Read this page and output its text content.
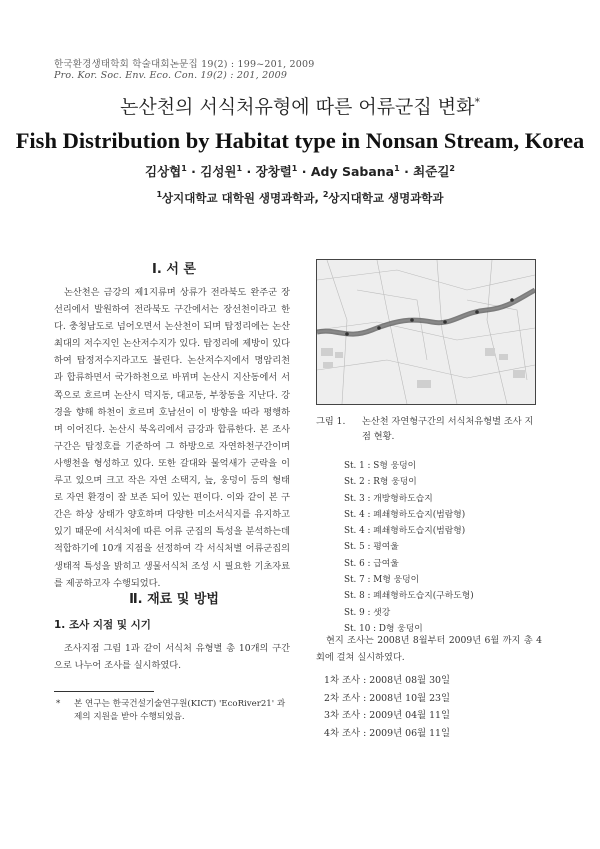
한국환경생태학회 학술대회논문집 19(2) : 199~201, 2009
Pro. Kor. Soc. Env. Eco. Con. 19(2) : 201, 2009
논산천의 서식처유형에 따른 어류군집 변화*
Fish Distribution by Habitat type in Nonsan Stream, Korea
김상협$^1$ · 김성원$^1$ · 장창렬$^1$ · Ady Sabana$^1$ · 최준길$^2$
$^1$상지대학교 대학원 생명과학과, $^2$상지대학교 생명과학과
Ⅰ. 서 론

논산천은 금강의 제1지류며 상류가 전라북도 완주군 장선리에서 발원하여 전라북도 구간에서는 장선천이라고 한다. 충청남도로 넘어오면서 논산천이 되며 탑정리에는 논산 최대의 저수지인 논산저수지가 있다. 탑정리에 제방이 있다하여 탑정저수지라고도 불린다. 논산저수지에서 명암리천과 합류하면서 국가하천으로 바뀌며 논산시 지산동에서 서쪽으로 흐르며 논산시 덕지동, 대교동, 부창동을 지난다. 강경을 향해 하천이 흐르며 호남선이 이 방향을 따라 평행하며 이어진다. 논산시 북옥리에서 금강과 합류한다. 본 조사구간은 탑정호를 기준하여 그 하방으로 자연하천구간이며 사행천을 형성하고 있다. 또한 갈대와 물억새가 군락을 이루고 있으며 크고 작은 자연 소택지, 늪, 웅덩이 등의 형태로 자연 환경이 잘 보존 되어 있는 편이다. 이와 같이 본 구간은 하상 상태가 양호하며 다양한 미소서식지를 유지하고 있기 때문에 서식처에 따른 어류 군집의 특성을 분석하는데 적합하기에 10개 지점을 선정하여 각 서식처별 어류군집의 생태적 특성을 밝히고 생물서식처 조성 시 필요한 기초자료를 제공하고자 수행되었다.

Ⅱ. 재료 및 방법
1. 조사 지점 및 시기

조사지점 그림 1과 같이 서식처 유형별 총 10개의 구간으로 나누어 조사를 실시하였다.

* 본 연구는 한국건설기술연구원(KICT) 'EcoRiver21' 과제의 지원을 받아 수행되었음.
그림 1. 논산천 자연형구간의 서식처유형별 조사 지점 현황.
St. 1 : S형 웅덩이
St. 2 : R형 웅덩이
St. 3 : 개방형하도습지
St. 4 : 폐쇄형하도습지(범람형)
St. 4 : 폐쇄형하도습지(범람형)
St. 5 : 평여울
St. 6 : 급여울
St. 7 : M형 웅덩이
St. 8 : 폐쇄형하도습지(구하도형)
St. 9 : 샛강
St. 10 : D형 웅덩이

현지 조사는 2008년 8월부터 2009년 6월 까지 총 4회에 걸쳐 실시하였다.

1차 조사 : 2008년 08월 30일
2차 조사 : 2008년 10월 23일
3차 조사 : 2009년 04월 11일
4차 조사 : 2009년 06월 11일
